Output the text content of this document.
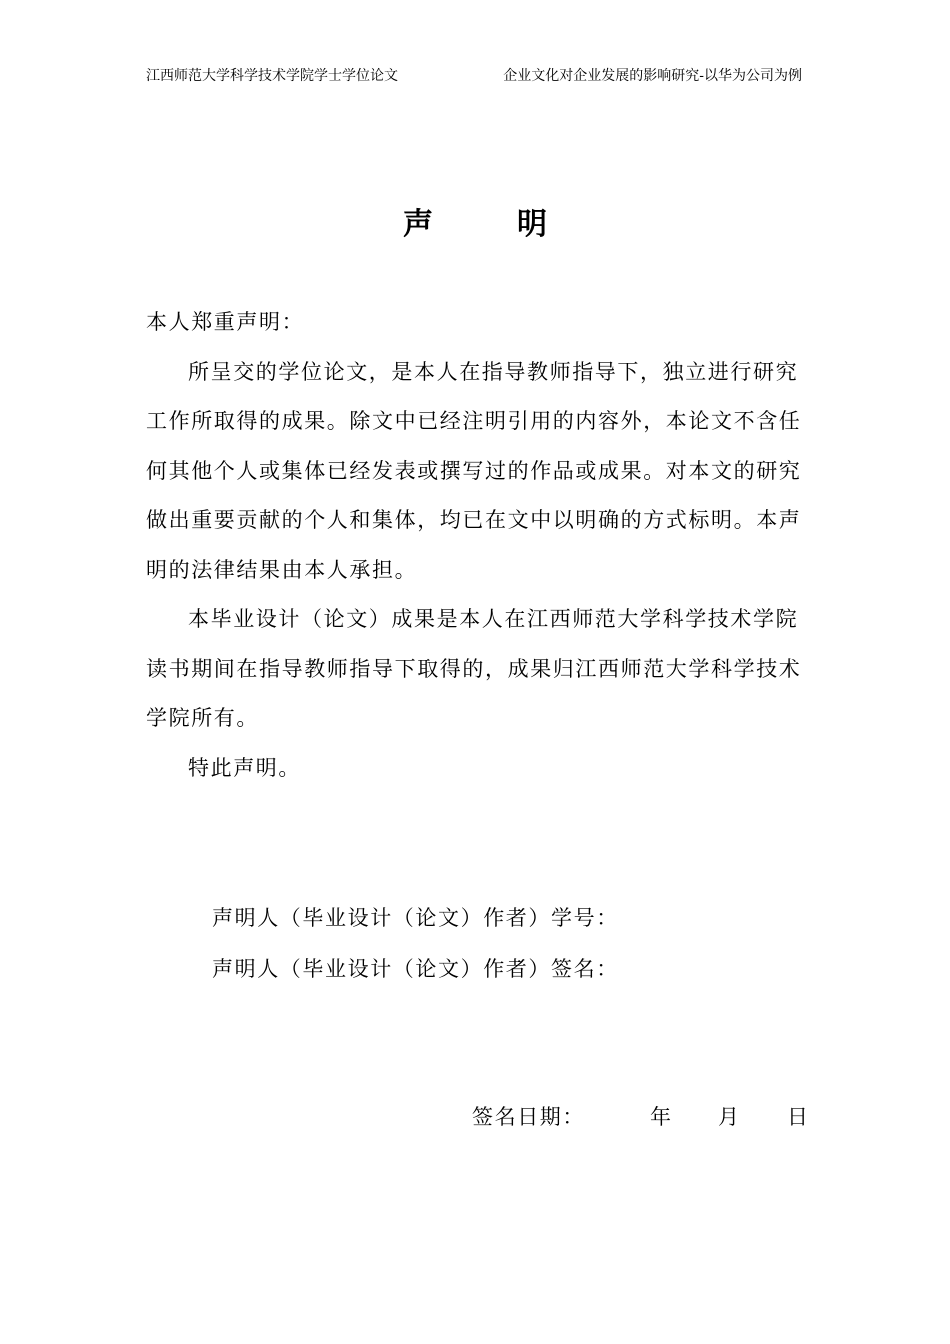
江西师范大学科学技术学院学士学位论文	企业文化对企业发展的影响研究-以华为公司为例
声	明

本人郑重声明：

所呈交的学位论文，是本人在指导教师指导下，独立进行研究工作所取得的成果。除文中已经注明引用的内容外，本论文不含任何其他个人或集体已经发表或撰写过的作品或成果。对本文的研究做出重要贡献的个人和集体，均已在文中以明确的方式标明。本声明的法律结果由本人承担。

本毕业设计（论文）成果是本人在江西师范大学科学技术学院读书期间在指导教师指导下取得的，成果归江西师范大学科学技术学院所有。

特此声明。

声明人（毕业设计（论文）作者）学号：
声明人（毕业设计（论文）作者）签名：
签名日期：	年 月 日
